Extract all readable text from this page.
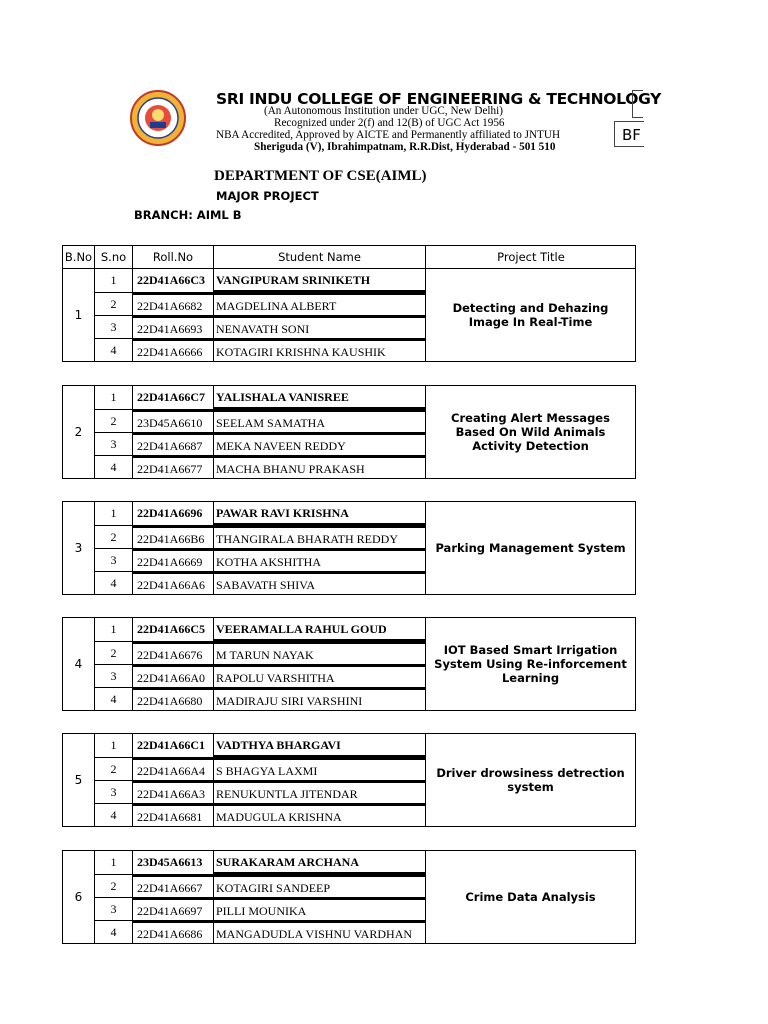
SRI INDU COLLEGE OF ENGINEERING & TECHNOLOGY
(An Autonomous Institution under UGC, New Delhi)
Recognized under 2(f) and 12(B) of UGC Act 1956
NBA Accredited, Approved by AICTE and Permanently affiliated to JNTUH
Sheriguda (V), Ibrahimpatnam, R.R.Dist, Hyderabad - 501 510
BF
DEPARTMENT OF CSE(AIML)
MAJOR PROJECT
BRANCH: AIML B
B.No S.no	Roll.No	Student Name	Project Title
1
1	22D41A66C3 VANGIPURAM SRINIKETH
2	22D41A6682	MAGDELINA ALBERT
3	22D41A6693	NENAVATH SONI
4	22D41A6666	KOTAGIRI KRISHNA KAUSHIK
Detecting and Dehazing Image In Real-Time
2
1	22D41A66C7 YALISHALA VANISREE
2	23D45A6610	SEELAM SAMATHA
3	22D41A6687	MEKA NAVEEN REDDY
4	22D41A6677	MACHA BHANU PRAKASH
Creating Alert Messages Based On Wild Animals Activity Detection
3
1	22D41A6696	PAWAR RAVI KRISHNA
2	22D41A66B6 THANGIRALA BHARATH REDDY
3	22D41A6669	KOTHA AKSHITHA
4	22D41A66A6 SABAVATH SHIVA
Parking Management System
4
1	22D41A66C5 VEERAMALLA RAHUL GOUD
2	22D41A6676	M TARUN NAYAK
3	22D41A66A0 RAPOLU VARSHITHA
4	22D41A6680	MADIRAJU SIRI VARSHINI
IOT Based Smart Irrigation System Using Re-inforcement Learning
5
1	22D41A66C1 VADTHYA BHARGAVI
2	22D41A66A4 S BHAGYA LAXMI
3	22D41A66A3 RENUKUNTLA JITENDAR
4	22D41A6681	MADUGULA KRISHNA
Driver drowsiness detrection system
6
1	23D45A6613	SURAKARAM ARCHANA
2	22D41A6667	KOTAGIRI SANDEEP
3	22D41A6697	PILLI MOUNIKA
4	22D41A6686	MANGADUDLA VISHNU VARDHAN
Crime Data Analysis
